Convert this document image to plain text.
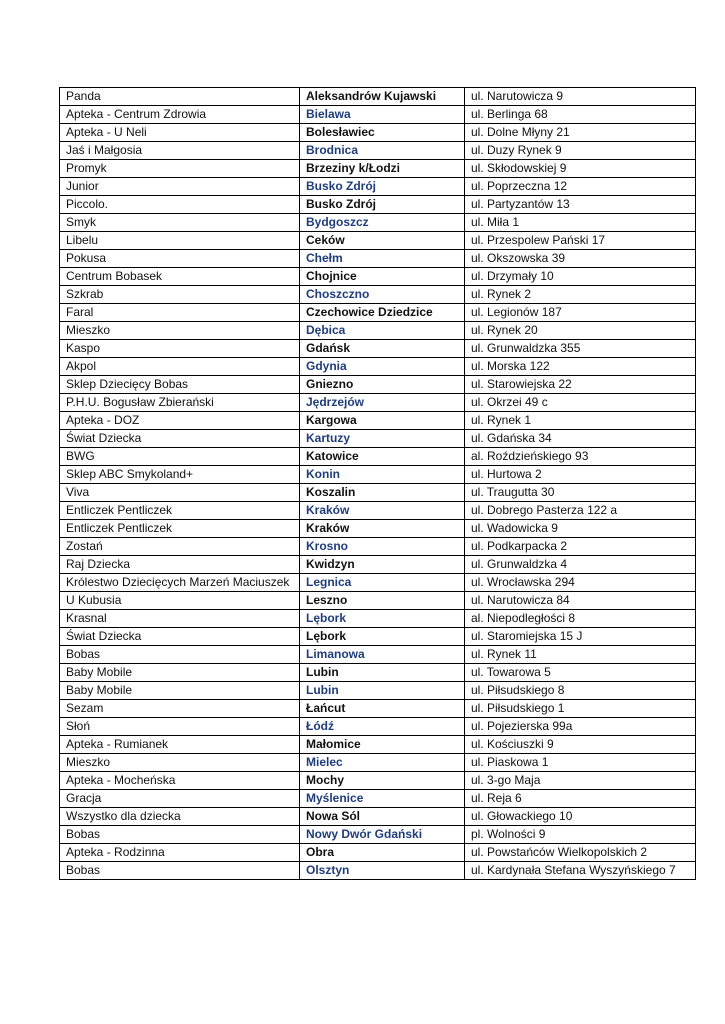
Panda	Aleksandrów Kujawski	ul. Narutowicza 9
Apteka - Centrum Zdrowia	Bielawa	ul. Berlinga 68
Apteka - U Neli	Bolesławiec	ul. Dolne Młyny 21
Jaś i Małgosia	Brodnica	ul. Duzy Rynek 9
Promyk	Brzeziny k/Łodzi	ul. Skłodowskiej 9
Junior	Busko Zdrój	ul. Poprzeczna 12
Piccolo.	Busko Zdrój	ul. Partyzantów 13
Smyk	Bydgoszcz	ul. Miła 1
Libelu	Ceków	ul. Przespolew Pański 17
Pokusa	Chełm	ul. Okszowska 39
Centrum Bobasek	Chojnice	ul. Drzymały 10
Szkrab	Choszczno	ul. Rynek 2
Faral	Czechowice Dziedzice	ul. Legionów 187
Mieszko	Dębica	ul. Rynek 20
Kaspo	Gdańsk	ul. Grunwaldzka 355
Akpol	Gdynia	ul. Morska 122
Sklep Dziecięcy Bobas	Gniezno	ul. Starowiejska 22
P.H.U. Bogusław Zbierański	Jędrzejów	ul. Okrzei 49 c
Apteka - DOZ	Kargowa	ul. Rynek 1
Świat Dziecka	Kartuzy	ul. Gdańska 34
BWG	Katowice	al. Roździeńskiego 93
Sklep ABC Smykoland+	Konin	ul. Hurtowa 2
Viva	Koszalin	ul. Traugutta 30
Entliczek Pentliczek	Kraków	ul. Dobrego Pasterza 122 a
Entliczek Pentliczek	Kraków	ul. Wadowicka 9
Zostań	Krosno	ul. Podkarpacka 2
Raj Dziecka	Kwidzyn	ul. Grunwaldzka 4
Królestwo Dziecięcych Marzeń Maciuszek	Legnica	ul. Wrocławska 294
U Kubusia	Leszno	ul. Narutowicza 84
Krasnal	Lębork	al. Niepodległości 8
Świat Dziecka	Lębork	ul. Staromiejska 15 J
Bobas	Limanowa	ul. Rynek 11
Baby Mobile	Lubin	ul. Towarowa 5
Baby Mobile	Lubin	ul. Piłsudskiego 8
Sezam	Łańcut	ul. Piłsudskiego 1
Słoń	Łódź	ul. Pojezierska 99a
Apteka - Rumianek	Małomice	ul. Kościuszki 9
Mieszko	Mielec	ul. Piaskowa 1
Apteka - Mocheńska	Mochy	ul. 3-go Maja
Gracja	Myślenice	ul. Reja 6
Wszystko dla dziecka	Nowa Sól	ul. Głowackiego 10
Bobas	Nowy Dwór Gdański	pl. Wolności 9
Apteka - Rodzinna	Obra	ul. Powstańców Wielkopolskich 2
Bobas	Olsztyn	ul. Kardynała Stefana Wyszyńskiego 7
